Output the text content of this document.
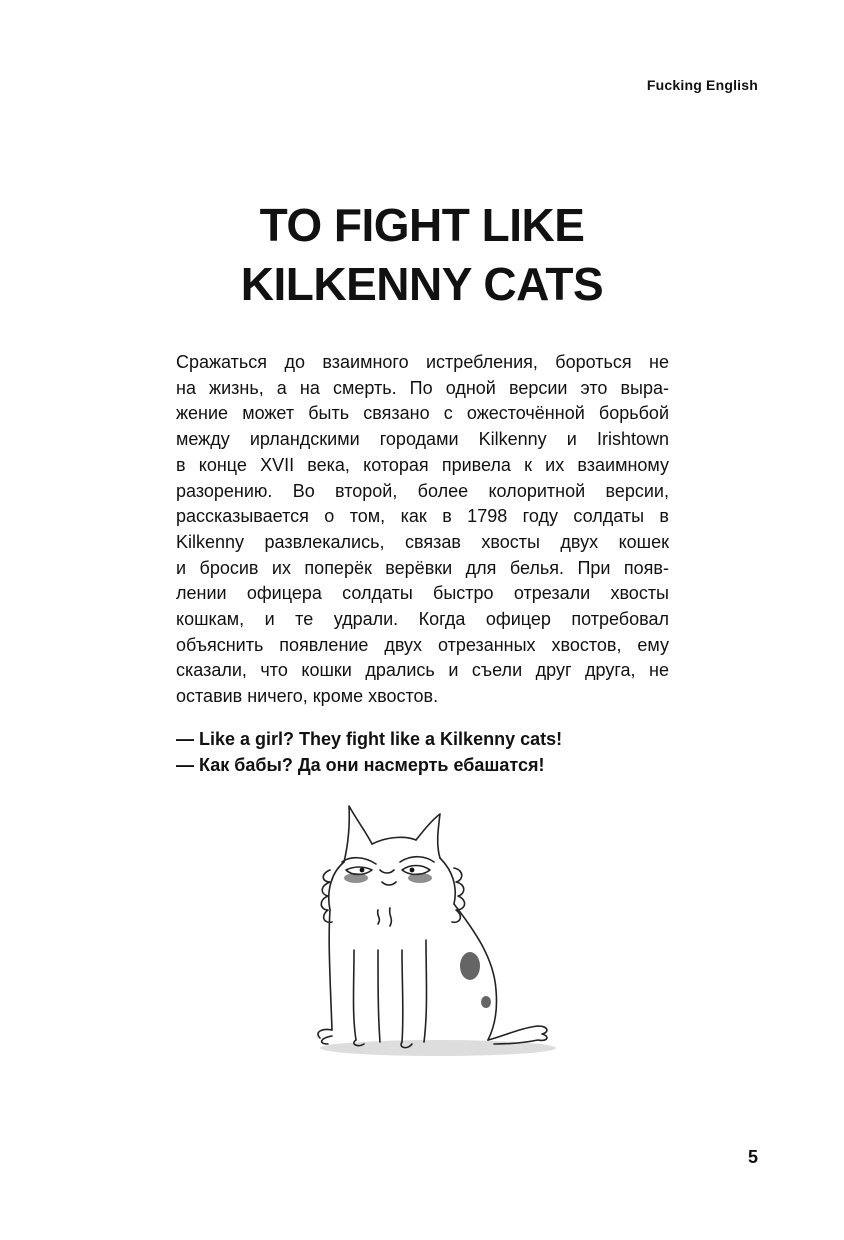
Fucking English
TO FIGHT LIKE
KILKENNY CATS
Сражаться до взаимного истребления, бороться не
на жизнь, а на смерть. По одной версии это выра-
жение может быть связано с ожесточённой борьбой
между ирландскими городами Kilkenny и Irishtown
в конце XVII века, которая привела к их взаимному
разорению. Во второй, более колоритной версии,
рассказывается о том, как в 1798 году солдаты в
Kilkenny развлекались, связав хвосты двух кошек
и бросив их поперёк верёвки для белья. При появ-
лении офицера солдаты быстро отрезали хвосты
кошкам, и те удрали. Когда офицер потребовал
объяснить появление двух отрезанных хвостов, ему
сказали, что кошки дрались и съели друг друга, не
оставив ничего, кроме хвостов.
— Like a girl? They fight like a Kilkenny cats!
— Как бабы? Да они насмерть ебашатся!
5
